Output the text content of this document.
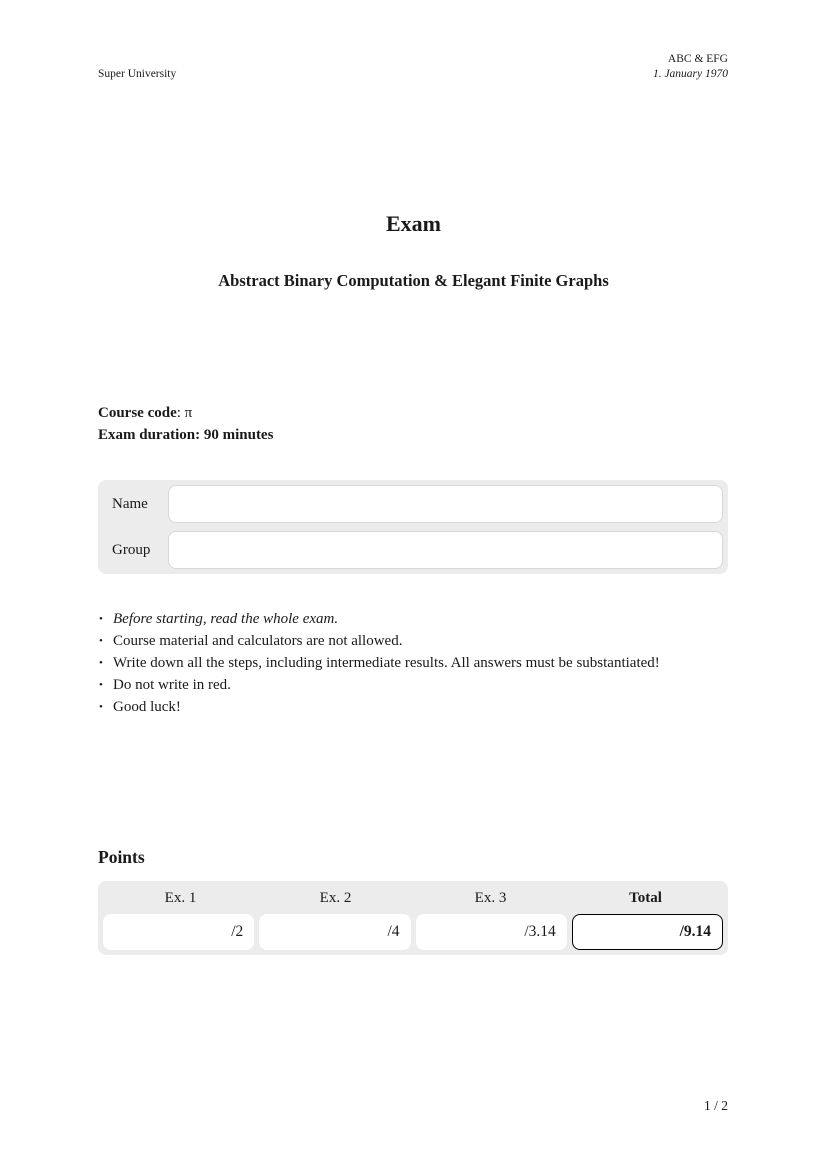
Super University
ABC & EFG
1. January 1970
Exam
Abstract Binary Computation & Elegant Finite Graphs
Course code: π
Exam duration: 90 minutes
Name
Group
• Before starting, read the whole exam.
• Course material and calculators are not allowed.
• Write down all the steps, including intermediate results. All answers must be substantiated!
• Do not write in red.
• Good luck!
Points
Ex. 1	Ex. 2	Ex. 3	Total
/2	/4	/3.14	/9.14
1 / 2
